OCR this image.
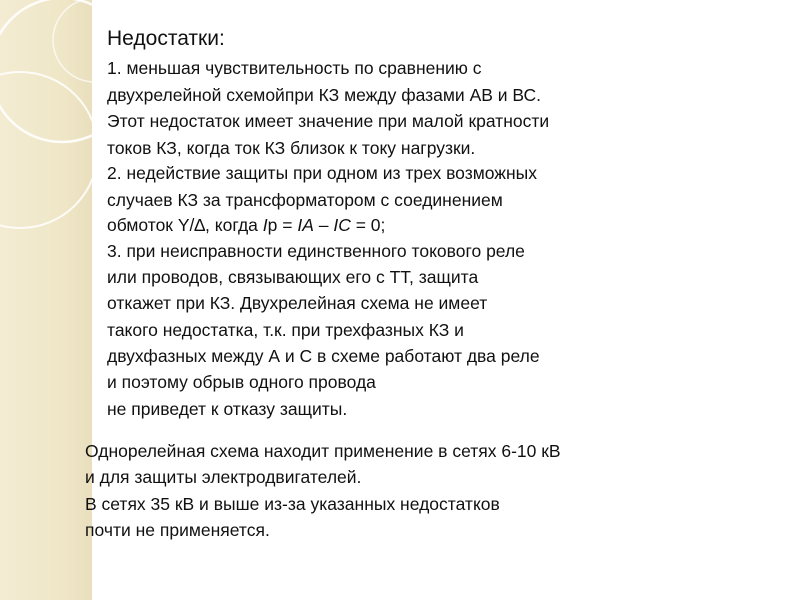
Недостатки:

1. меньшая чувствительность по сравнению с

двухрелейной схемойпри КЗ между фазами АВ и ВС.

Этот недостаток имеет значение при малой кратности

токов КЗ, когда ток КЗ близок к току нагрузки.

2. недействие защиты при одном из трех возможных

случаев КЗ за трансформатором с соединением

обмоток Y/∆, когда Iр = IA – IC = 0;

3. при неисправности единственного токового реле

или проводов, связывающих его с ТТ, защита

откажет при КЗ. Двухрелейная схема не имеет

такого недостатка, т.к. при трехфазных КЗ и

двухфазных между А и С в схеме работают два реле

и поэтому обрыв одного провода

не приведет к отказу защиты.

Однорелейная схема находит применение в сетях 6-10 кВ

и для защиты электродвигателей.

В сетях 35 кВ и выше из-за указанных недостатков

почти не применяется.
